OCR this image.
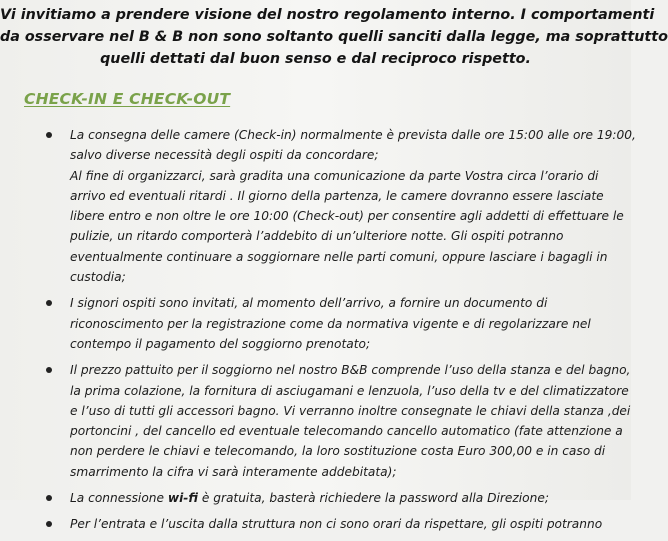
Vi invitiamo a prendere visione del nostro regolamento interno. I comportamenti
da osservare nel B & B non sono soltanto quelli sanciti dalla legge, ma soprattutto
quelli dettati dal buon senso e dal reciproco rispetto.
CHECK-IN E CHECK-OUT
La consegna delle camere (Check-in) normalmente è prevista dalle ore 15:00 alle ore 19:00,
salvo diverse necessità degli ospiti da concordare;
Al fine di organizzarci, sarà gradita una comunicazione da parte Vostra circa l’orario di
arrivo ed eventuali ritardi . Il giorno della partenza, le camere dovranno essere lasciate
libere entro e non oltre le ore 10:00 (Check-out) per consentire agli addetti di effettuare le
pulizie, un ritardo comporterà l’addebito di un’ulteriore notte. Gli ospiti potranno
eventualmente continuare a soggiornare nelle parti comuni, oppure lasciare i bagagli in
custodia;
I signori ospiti sono invitati, al momento dell’arrivo, a fornire un documento di
riconoscimento per la registrazione come da normativa vigente e di regolarizzare nel
contempo il pagamento del soggiorno prenotato;
Il prezzo pattuito per il soggiorno nel nostro B&B comprende l’uso della stanza e del bagno,
la prima colazione, la fornitura di asciugamani e lenzuola, l’uso della tv e del climatizzatore
e l’uso di tutti gli accessori bagno. Vi verranno inoltre consegnate le chiavi della stanza ,dei
portoncini , del cancello ed eventuale telecomando cancello automatico (fate attenzione a
non perdere le chiavi e telecomando, la loro sostituzione costa Euro 300,00 e in caso di
smarrimento la cifra vi sarà interamente addebitata);
La connessione wi-fi è gratuita, basterà richiedere la password alla Direzione;
Per l’entrata e l’uscita dalla struttura non ci sono orari da rispettare, gli ospiti potranno
